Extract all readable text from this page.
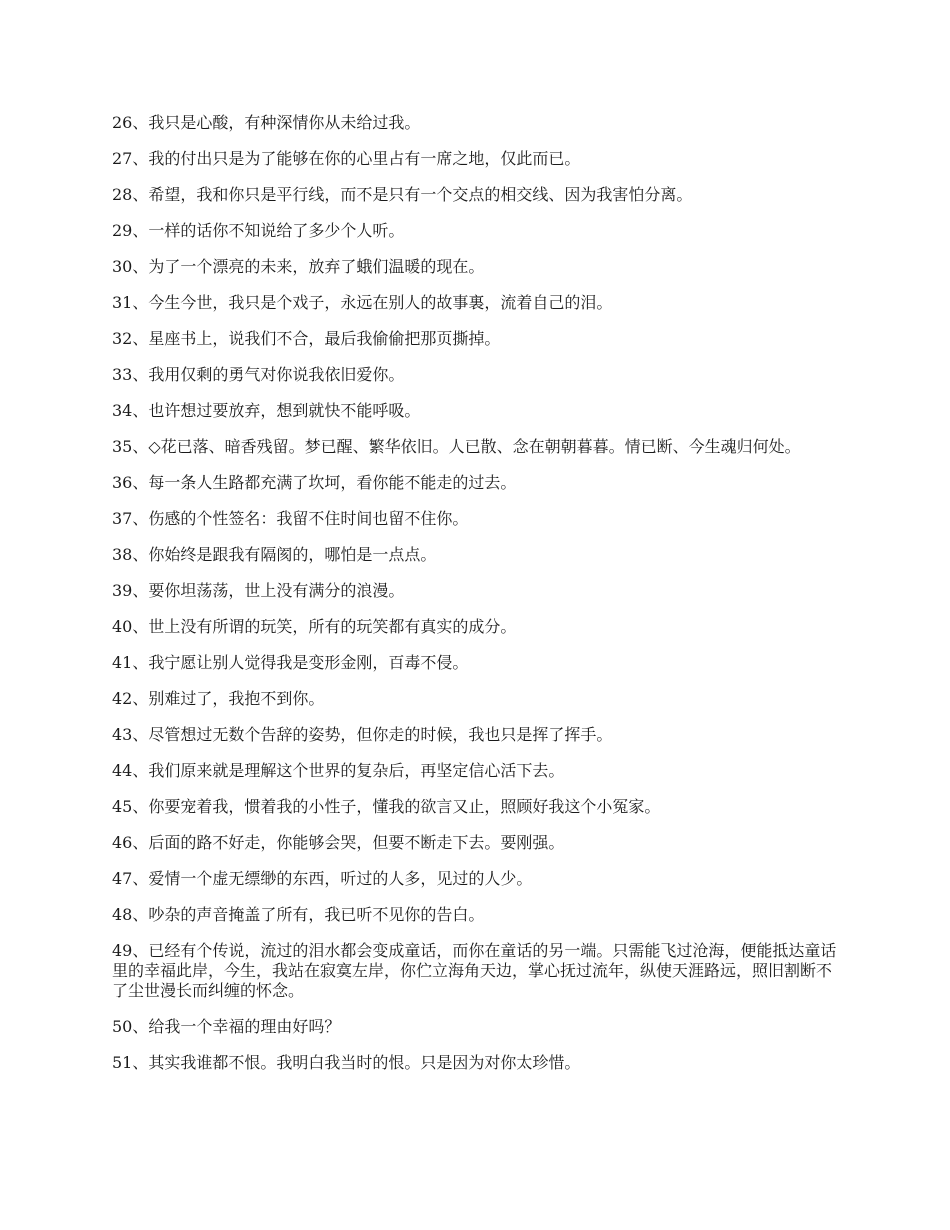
26、我只是心酸，有种深情你从未给过我。

27、我的付出只是为了能够在你的心里占有一席之地，仅此而已。

28、希望，我和你只是平行线，而不是只有一个交点的相交线、因为我害怕分离。

29、一样的话你不知说给了多少个人听。

30、为了一个漂亮的未来，放弃了蛾们温暖的现在。

31、今生今世，我只是个戏子，永远在别人的故事裏，流着自己的泪。

32、星座书上，说我们不合，最后我偷偷把那页撕掉。

33、我用仅剩的勇气对你说我依旧爱你。

34、也许想过要放弃，想到就快不能呼吸。

35、◇花已落、暗香残留。梦已醒、繁华依旧。人已散、念在朝朝暮暮。情已断、今生魂归何处。

36、每一条人生路都充满了坎坷，看你能不能走的过去。

37、伤感的个性签名：我留不住时间也留不住你。

38、你始终是跟我有隔阂的，哪怕是一点点。

39、要你坦荡荡，世上没有满分的浪漫。

40、世上没有所谓的玩笑，所有的玩笑都有真实的成分。

41、我宁愿让别人觉得我是变形金刚，百毒不侵。

42、别难过了，我抱不到你。

43、尽管想过无数个告辞的姿势，但你走的时候，我也只是挥了挥手。

44、我们原来就是理解这个世界的复杂后，再坚定信心活下去。

45、你要宠着我，惯着我的小性子，懂我的欲言又止，照顾好我这个小冤家。

46、后面的路不好走，你能够会哭，但要不断走下去。要刚强。

47、爱情一个虚无缥缈的东西，听过的人多，见过的人少。

48、吵杂的声音掩盖了所有，我已听不见你的告白。

49、已经有个传说，流过的泪水都会变成童话，而你在童话的另一端。只需能飞过沧海，便能抵达童话里的幸福此岸，今生，我站在寂寞左岸，你伫立海角天边，掌心抚过流年，纵使天涯路远，照旧割断不了尘世漫长而纠缠的怀念。

50、给我一个幸福的理由好吗？

51、其实我谁都不恨。我明白我当时的恨。只是因为对你太珍惜。
